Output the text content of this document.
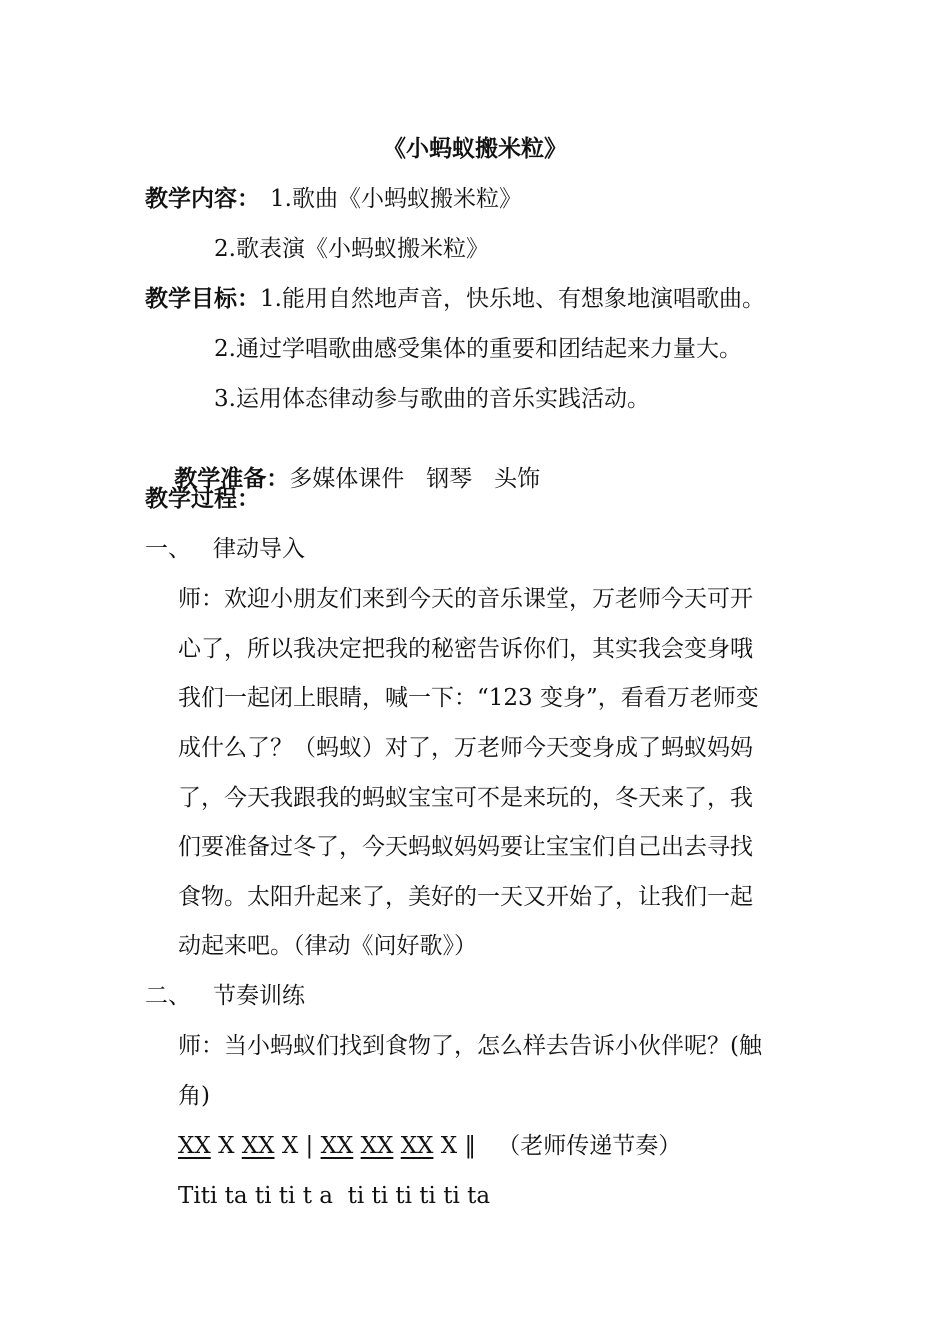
《小蚂蚁搬米粒》
教学内容： 1.歌曲《小蚂蚁搬米粒》
2.歌表演《小蚂蚁搬米粒》
教学目标：1.能用自然地声音，快乐地、有想象地演唱歌曲。
2.通过学唱歌曲感受集体的重要和团结起来力量大。
3.运用体态律动参与歌曲的音乐实践活动。

教学准备：多媒体课件   钢琴   头饰

教学过程：
一、 律动导入
师：欢迎小朋友们来到今天的音乐课堂，万老师今天可开
心了，所以我决定把我的秘密告诉你们，其实我会变身哦
我们一起闭上眼睛，喊一下：“123 变身”，看看万老师变
成什么了？（蚂蚁）对了，万老师今天变身成了蚂蚁妈妈
了，今天我跟我的蚂蚁宝宝可不是来玩的，冬天来了，我
们要准备过冬了，今天蚂蚁妈妈要让宝宝们自己出去寻找
食物。太阳升起来了，美好的一天又开始了，让我们一起
动起来吧。（律动《问好歌》）
二、 节奏训练
师：当小蚂蚁们找到食物了，怎么样去告诉小伙伴呢？(触
角)
XX X XX X | XX XX XX X ‖ （老师传递节奏）
Titi ta ti ti t a  ti ti ti ti ti ta
